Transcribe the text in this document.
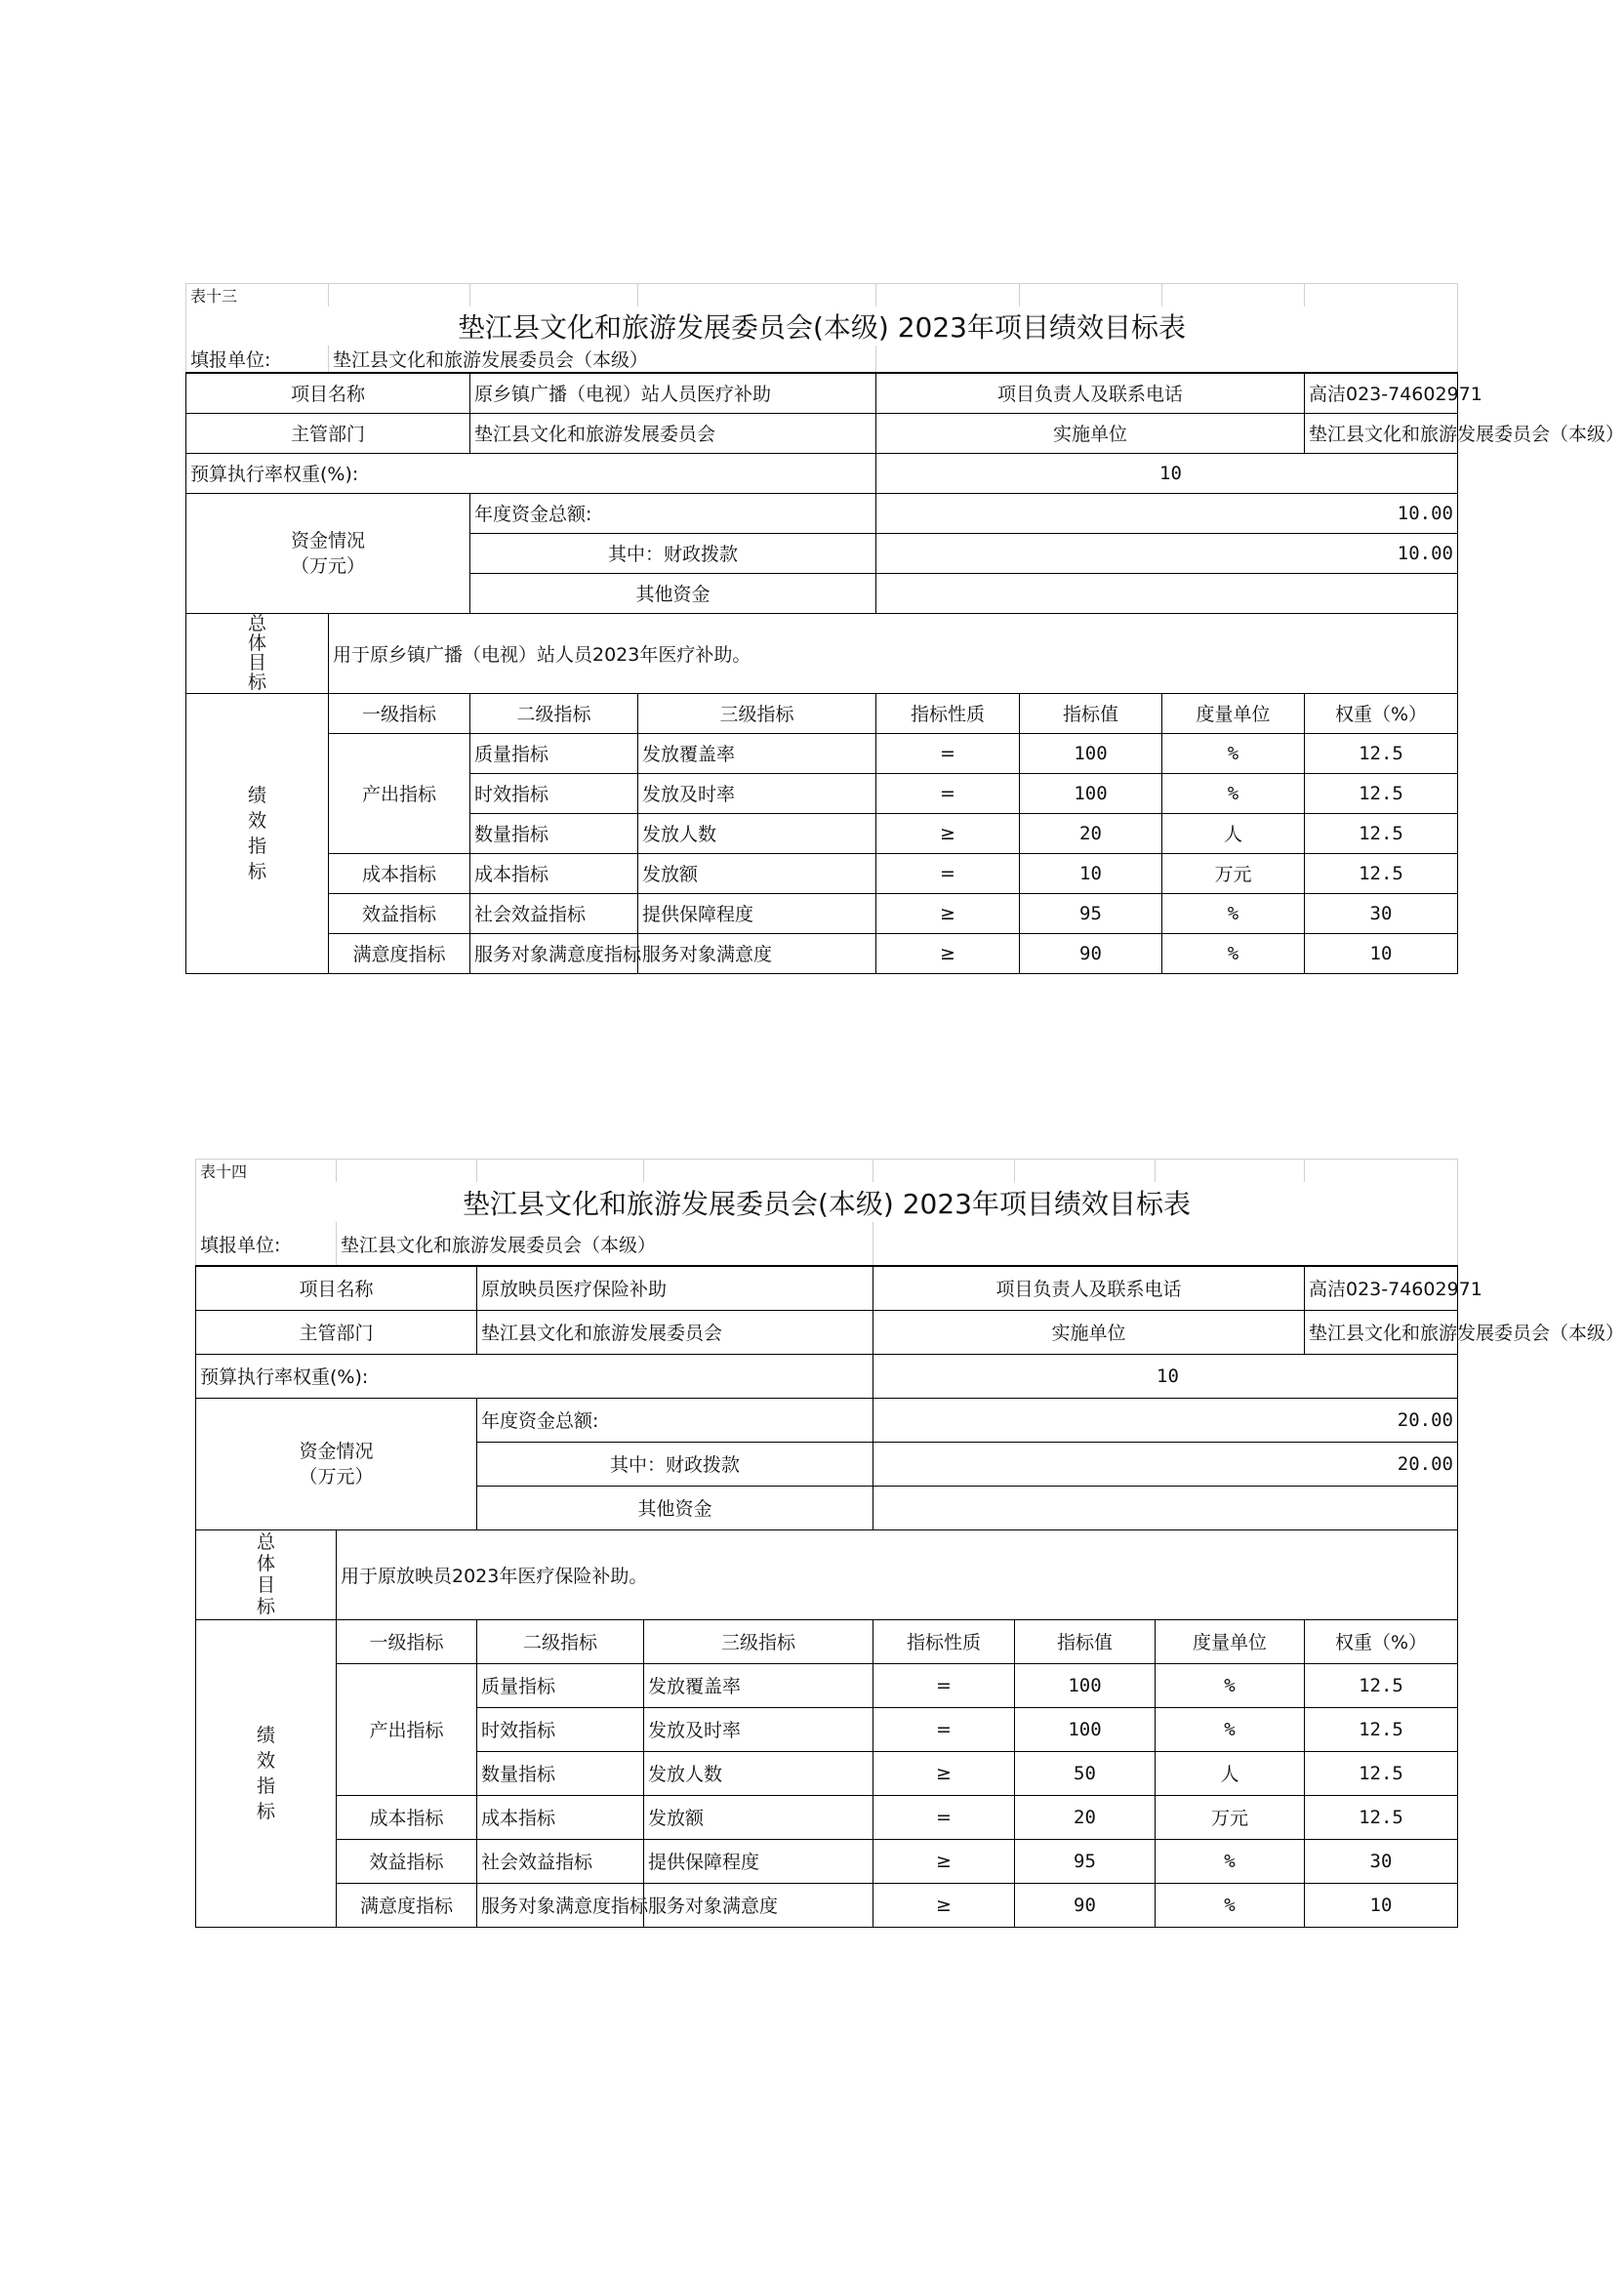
表十三							
垫江县文化和旅游发展委员会(本级) 2023年项目绩效目标表							
填报单位:	垫江县文化和旅游发展委员会（本级）						
项目名称		原乡镇广播（电视）站人员医疗补助		项目负责人及联系电话			高洁023-74602971
主管部门		垫江县文化和旅游发展委员会		实施单位			垫江县文化和旅游发展委员会（本级）
预算执行率权重(%):				10			

资金情况
（万元）		年度资金总额:		10.00			
		其中：财政拨款		10.00			
		其他资金					

总
体
目
标	用于原乡镇广播（电视）站人员2023年医疗补助。						

绩
效
指
标	一级指标	二级指标	三级指标	指标性质	指标值	度量单位	权重（%）
	产出指标	质量指标	发放覆盖率	=	100	%	12.5
		时效指标	发放及时率	=	100	%	12.5
		数量指标	发放人数	≥	20	人	12.5
	成本指标	成本指标	发放额	=	10	万元	12.5
	效益指标	社会效益指标	提供保障程度	≥	95	%	30
	满意度指标	服务对象满意度指标	服务对象满意度	≥	90	%	10
表十四							
垫江县文化和旅游发展委员会(本级) 2023年项目绩效目标表							
填报单位:	垫江县文化和旅游发展委员会（本级）						
项目名称		原放映员医疗保险补助		项目负责人及联系电话			高洁023-74602971
主管部门		垫江县文化和旅游发展委员会		实施单位			垫江县文化和旅游发展委员会（本级）
预算执行率权重(%):				10			

资金情况
（万元）		年度资金总额:		20.00			
		其中：财政拨款		20.00			
		其他资金					

总
体
目
标	用于原放映员2023年医疗保险补助。						

绩
效
指
标	一级指标	二级指标	三级指标	指标性质	指标值	度量单位	权重（%）
	产出指标	质量指标	发放覆盖率	=	100	%	12.5
		时效指标	发放及时率	=	100	%	12.5
		数量指标	发放人数	≥	50	人	12.5
	成本指标	成本指标	发放额	=	20	万元	12.5
	效益指标	社会效益指标	提供保障程度	≥	95	%	30
	满意度指标	服务对象满意度指标	服务对象满意度	≥	90	%	10
